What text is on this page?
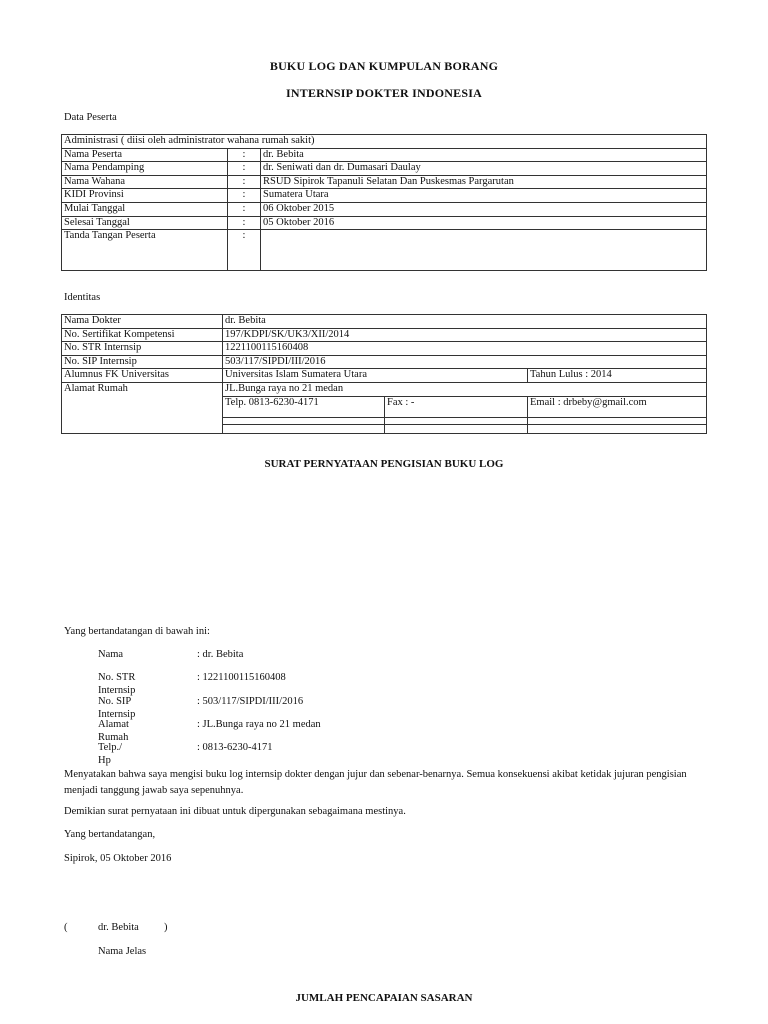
BUKU LOG DAN KUMPULAN BORANG
INTERNSIP DOKTER INDONESIA
Data Peserta
Administrasi ( diisi oleh administrator wahana rumah sakit)		
Nama Peserta	:	dr. Bebita
Nama Pendamping	:	dr. Seniwati dan dr. Dumasari Daulay
Nama Wahana	:	RSUD Sipirok Tapanuli Selatan Dan Puskesmas Pargarutan
KIDI Provinsi	:	Sumatera Utara
Mulai Tanggal	:	06 Oktober 2015
Selesai Tanggal	:	05 Oktober 2016
Tanda Tangan Peserta	:	
Identitas
Nama Dokter	dr. Bebita		
No. Sertifikat Kompetensi	197/KDPI/SK/UK3/XII/2014		
No. STR Internsip	1221100115160408		
No. SIP Internsip	503/117/SIPDI/III/2016		
Alumnus FK Universitas	Universitas Islam Sumatera Utara		Tahun Lulus : 2014
Alamat Rumah	JL.Bunga raya no 21 medan		
	Telp. 0813-6230-4171	Fax : -	Email : drbeby@gmail.com

SURAT PERNYATAAN PENGISIAN BUKU LOG
Yang bertandatangan di bawah ini:
Nama	: dr. Bebita
No. STR Internsip
: 1221100115160408
No. SIP Internsip
: 503/117/SIPDI/III/2016
Alamat Rumah
: JL.Bunga raya no 21 medan
Telp./ Hp
: 0813-6230-4171
Menyatakan bahwa saya mengisi buku log internsip dokter dengan jujur dan sebenar-benarnya. Semua konsekuensi akibat ketidak jujuran pengisian menjadi tanggung jawab saya sepenuhnya.
Demikian surat pernyataan ini dibuat untuk dipergunakan sebagaimana mestinya.
Yang bertandatangan,
Sipirok, 05 Oktober 2016
(	dr. Bebita )
Nama Jelas
JUMLAH PENCAPAIAN SASARAN
